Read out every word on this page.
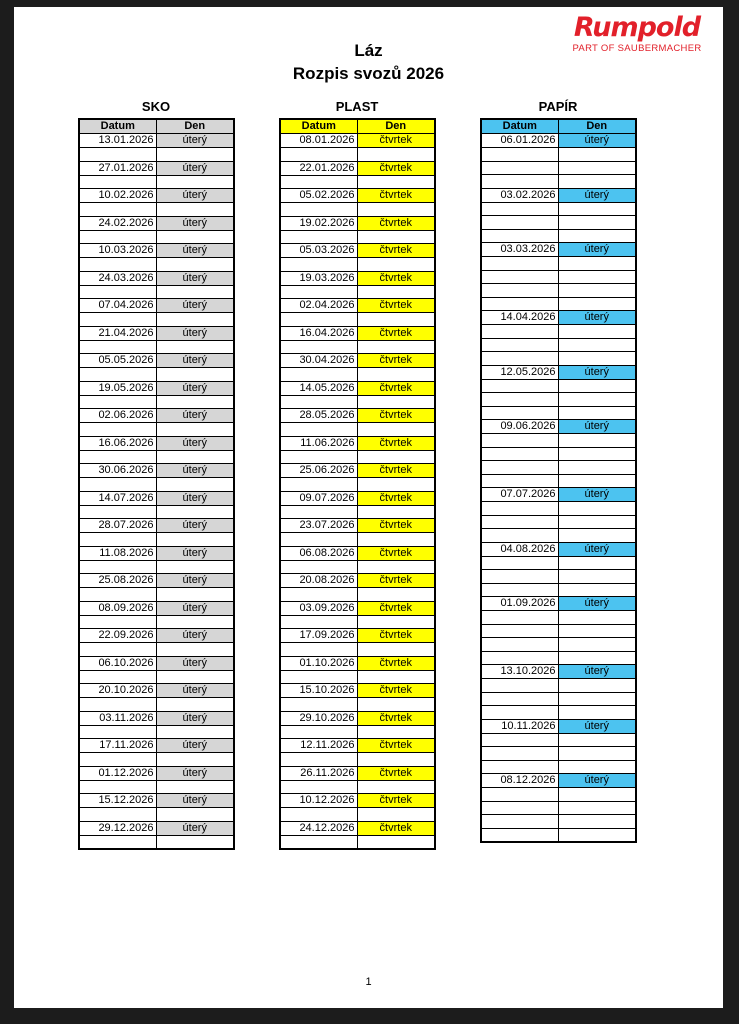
Rumpold
PART OF SAUBERMACHER
Láz
Rozpis svozů 2026
SKO	PLAST	PAPÍR
Datum	Den
13.01.2026	úterý

27.01.2026	úterý

10.02.2026	úterý

24.02.2026	úterý

10.03.2026	úterý

24.03.2026	úterý

07.04.2026	úterý

21.04.2026	úterý

05.05.2026	úterý

19.05.2026	úterý

02.06.2026	úterý

16.06.2026	úterý

30.06.2026	úterý

14.07.2026	úterý

28.07.2026	úterý

11.08.2026	úterý

25.08.2026	úterý

08.09.2026	úterý

22.09.2026	úterý

06.10.2026	úterý

20.10.2026	úterý

03.11.2026	úterý

17.11.2026	úterý

01.12.2026	úterý

15.12.2026	úterý

29.12.2026	úterý

Datum	Den
08.01.2026	čtvrtek

22.01.2026	čtvrtek

05.02.2026	čtvrtek

19.02.2026	čtvrtek

05.03.2026	čtvrtek

19.03.2026	čtvrtek

02.04.2026	čtvrtek

16.04.2026	čtvrtek

30.04.2026	čtvrtek

14.05.2026	čtvrtek

28.05.2026	čtvrtek

11.06.2026	čtvrtek

25.06.2026	čtvrtek

09.07.2026	čtvrtek

23.07.2026	čtvrtek

06.08.2026	čtvrtek

20.08.2026	čtvrtek

03.09.2026	čtvrtek

17.09.2026	čtvrtek

01.10.2026	čtvrtek

15.10.2026	čtvrtek

29.10.2026	čtvrtek

12.11.2026	čtvrtek

26.11.2026	čtvrtek

10.12.2026	čtvrtek

24.12.2026	čtvrtek

Datum	Den
06.01.2026	úterý

03.02.2026	úterý

03.03.2026	úterý

14.04.2026	úterý

12.05.2026	úterý

09.06.2026	úterý

07.07.2026	úterý

04.08.2026	úterý

01.09.2026	úterý

13.10.2026	úterý

10.11.2026	úterý

08.12.2026	úterý

1
